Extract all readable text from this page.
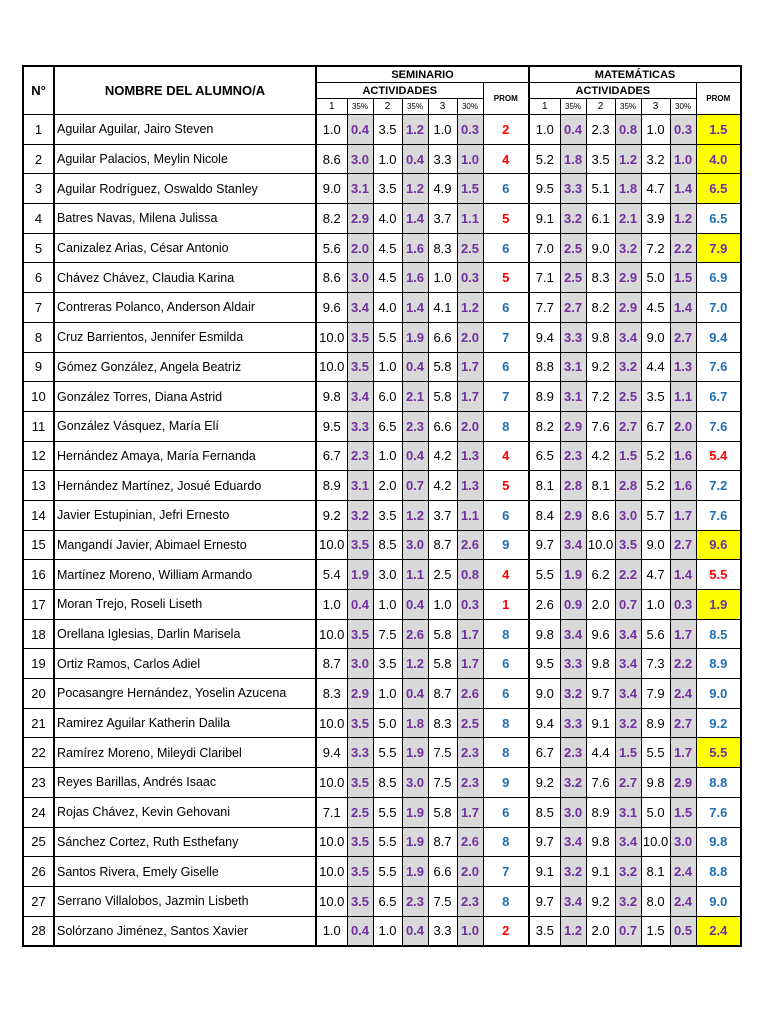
N°	NOMBRE DEL ALUMNO/A	SEMINARIO							MATEMÁTICAS						
		ACTIVIDADES						PROM	ACTIVIDADES						PROM
		1	35%	2	35%	3	30%		1	35%	2	35%	3	30%	
1	Aguilar Aguilar, Jairo Steven	1.0	0.4	3.5	1.2	1.0	0.3	2	1.0	0.4	2.3	0.8	1.0	0.3	1.5
2	Aguilar Palacios, Meylin Nicole	8.6	3.0	1.0	0.4	3.3	1.0	4	5.2	1.8	3.5	1.2	3.2	1.0	4.0
3	Aguilar Rodríguez, Oswaldo Stanley	9.0	3.1	3.5	1.2	4.9	1.5	6	9.5	3.3	5.1	1.8	4.7	1.4	6.5
4	Batres Navas, Milena Julissa	8.2	2.9	4.0	1.4	3.7	1.1	5	9.1	3.2	6.1	2.1	3.9	1.2	6.5
5	Canizalez Arias, César Antonio	5.6	2.0	4.5	1.6	8.3	2.5	6	7.0	2.5	9.0	3.2	7.2	2.2	7.9
6	Chávez Chávez, Claudia Karina	8.6	3.0	4.5	1.6	1.0	0.3	5	7.1	2.5	8.3	2.9	5.0	1.5	6.9
7	Contreras Polanco, Anderson Aldair	9.6	3.4	4.0	1.4	4.1	1.2	6	7.7	2.7	8.2	2.9	4.5	1.4	7.0
8	Cruz Barrientos, Jennifer Esmilda	10.0	3.5	5.5	1.9	6.6	2.0	7	9.4	3.3	9.8	3.4	9.0	2.7	9.4
9	Gómez González, Angela Beatriz	10.0	3.5	1.0	0.4	5.8	1.7	6	8.8	3.1	9.2	3.2	4.4	1.3	7.6
10	González Torres, Diana Astrid	9.8	3.4	6.0	2.1	5.8	1.7	7	8.9	3.1	7.2	2.5	3.5	1.1	6.7
11	González Vásquez, María Elí	9.5	3.3	6.5	2.3	6.6	2.0	8	8.2	2.9	7.6	2.7	6.7	2.0	7.6
12	Hernández Amaya, María Fernanda	6.7	2.3	1.0	0.4	4.2	1.3	4	6.5	2.3	4.2	1.5	5.2	1.6	5.4
13	Hernández Martínez, Josué Eduardo	8.9	3.1	2.0	0.7	4.2	1.3	5	8.1	2.8	8.1	2.8	5.2	1.6	7.2
14	Javier Estupinian, Jefri Ernesto	9.2	3.2	3.5	1.2	3.7	1.1	6	8.4	2.9	8.6	3.0	5.7	1.7	7.6
15	Mangandí Javier, Abimael Ernesto	10.0	3.5	8.5	3.0	8.7	2.6	9	9.7	3.4	10.0	3.5	9.0	2.7	9.6
16	Martínez Moreno, William Armando	5.4	1.9	3.0	1.1	2.5	0.8	4	5.5	1.9	6.2	2.2	4.7	1.4	5.5
17	Moran Trejo, Roseli Liseth	1.0	0.4	1.0	0.4	1.0	0.3	1	2.6	0.9	2.0	0.7	1.0	0.3	1.9
18	Orellana Iglesias, Darlin Marisela	10.0	3.5	7.5	2.6	5.8	1.7	8	9.8	3.4	9.6	3.4	5.6	1.7	8.5
19	Ortiz Ramos, Carlos Adiel	8.7	3.0	3.5	1.2	5.8	1.7	6	9.5	3.3	9.8	3.4	7.3	2.2	8.9
20	Pocasangre Hernández, Yoselin Azucena	8.3	2.9	1.0	0.4	8.7	2.6	6	9.0	3.2	9.7	3.4	7.9	2.4	9.0
21	Ramirez Aguilar Katherin Dalila	10.0	3.5	5.0	1.8	8.3	2.5	8	9.4	3.3	9.1	3.2	8.9	2.7	9.2
22	Ramírez Moreno, Mileydi Claribel	9.4	3.3	5.5	1.9	7.5	2.3	8	6.7	2.3	4.4	1.5	5.5	1.7	5.5
23	Reyes Barillas, Andrés Isaac	10.0	3.5	8.5	3.0	7.5	2.3	9	9.2	3.2	7.6	2.7	9.8	2.9	8.8
24	Rojas Chávez, Kevin Gehovani	7.1	2.5	5.5	1.9	5.8	1.7	6	8.5	3.0	8.9	3.1	5.0	1.5	7.6
25	Sánchez Cortez, Ruth Esthefany	10.0	3.5	5.5	1.9	8.7	2.6	8	9.7	3.4	9.8	3.4	10.0	3.0	9.8
26	Santos Rivera, Emely Giselle	10.0	3.5	5.5	1.9	6.6	2.0	7	9.1	3.2	9.1	3.2	8.1	2.4	8.8
27	Serrano Villalobos, Jazmin Lisbeth	10.0	3.5	6.5	2.3	7.5	2.3	8	9.7	3.4	9.2	3.2	8.0	2.4	9.0
28	Solórzano Jiménez, Santos Xavier	1.0	0.4	1.0	0.4	3.3	1.0	2	3.5	1.2	2.0	0.7	1.5	0.5	2.4
